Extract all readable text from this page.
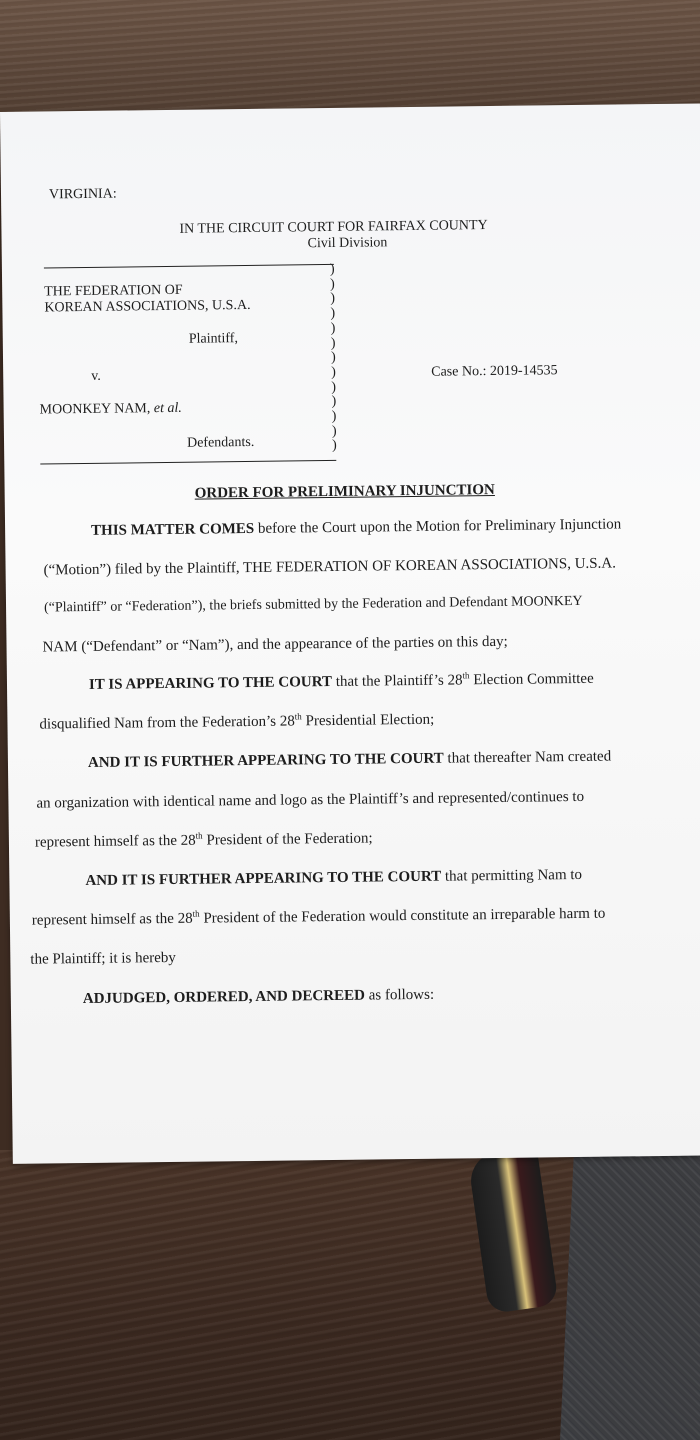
VIRGINIA:
IN THE CIRCUIT COURT FOR FAIRFAX COUNTY
Civil Division
THE FEDERATION OF
KOREAN ASSOCIATIONS, U.S.A.
Plaintiff,
v.
MOONKEY NAM, et al.
Defendants.
)
)
)
)
)
)
)
)
)
)
)
)
)
Case No.: 2019-14535
ORDER FOR PRELIMINARY INJUNCTION
THIS MATTER COMES before the Court upon the Motion for Preliminary Injunction
(“Motion”) filed by the Plaintiff, THE FEDERATION OF KOREAN ASSOCIATIONS, U.S.A.
(“Plaintiff” or “Federation”), the briefs submitted by the Federation and Defendant MOONKEY
NAM (“Defendant” or “Nam”), and the appearance of the parties on this day;
IT IS APPEARING TO THE COURT that the Plaintiff’s 28th Election Committee
disqualified Nam from the Federation’s 28th Presidential Election;
AND IT IS FURTHER APPEARING TO THE COURT that thereafter Nam created
an organization with identical name and logo as the Plaintiff’s and represented/continues to
represent himself as the 28th President of the Federation;
AND IT IS FURTHER APPEARING TO THE COURT that permitting Nam to
represent himself as the 28th President of the Federation would constitute an irreparable harm to
the Plaintiff; it is hereby
ADJUDGED, ORDERED, AND DECREED as follows:
